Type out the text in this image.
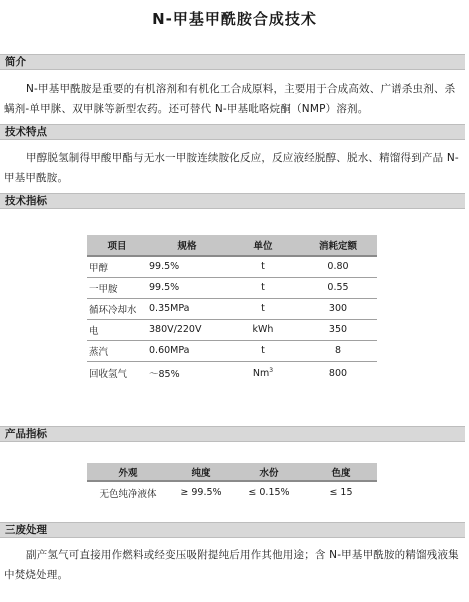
N-甲基甲酰胺合成技术
简介
N-甲基甲酰胺是重要的有机溶剂和有机化工合成原料，主要用于合成高效、广谱杀虫剂、杀螨剂-单甲脒、双甲脒等新型农药。还可替代 N-甲基吡咯烷酮（NMP）溶剂。
技术特点
甲醇脱氢制得甲酸甲酯与无水一甲胺连续胺化反应，反应液经脱醇、脱水、精馏得到产品 N-甲基甲酰胺。
技术指标
项目	规格	单位	消耗定额
甲醇	99.5%	t	0.80
一甲胺	99.5%	t	0.55
循环冷却水	0.35MPa	t	300
电	380V/220V	kWh	350
蒸汽	0.60MPa	t	8
回收氢气	～85%	Nm$^3$	800
产品指标
外观	纯度	水份	色度
无色纯净液体	≥ 99.5%	≤ 0.15%	≤ 15
三废处理
副产氢气可直接用作燃料或经变压吸附提纯后用作其他用途；含 N-甲基甲酰胺的精馏残液集中焚烧处理。
